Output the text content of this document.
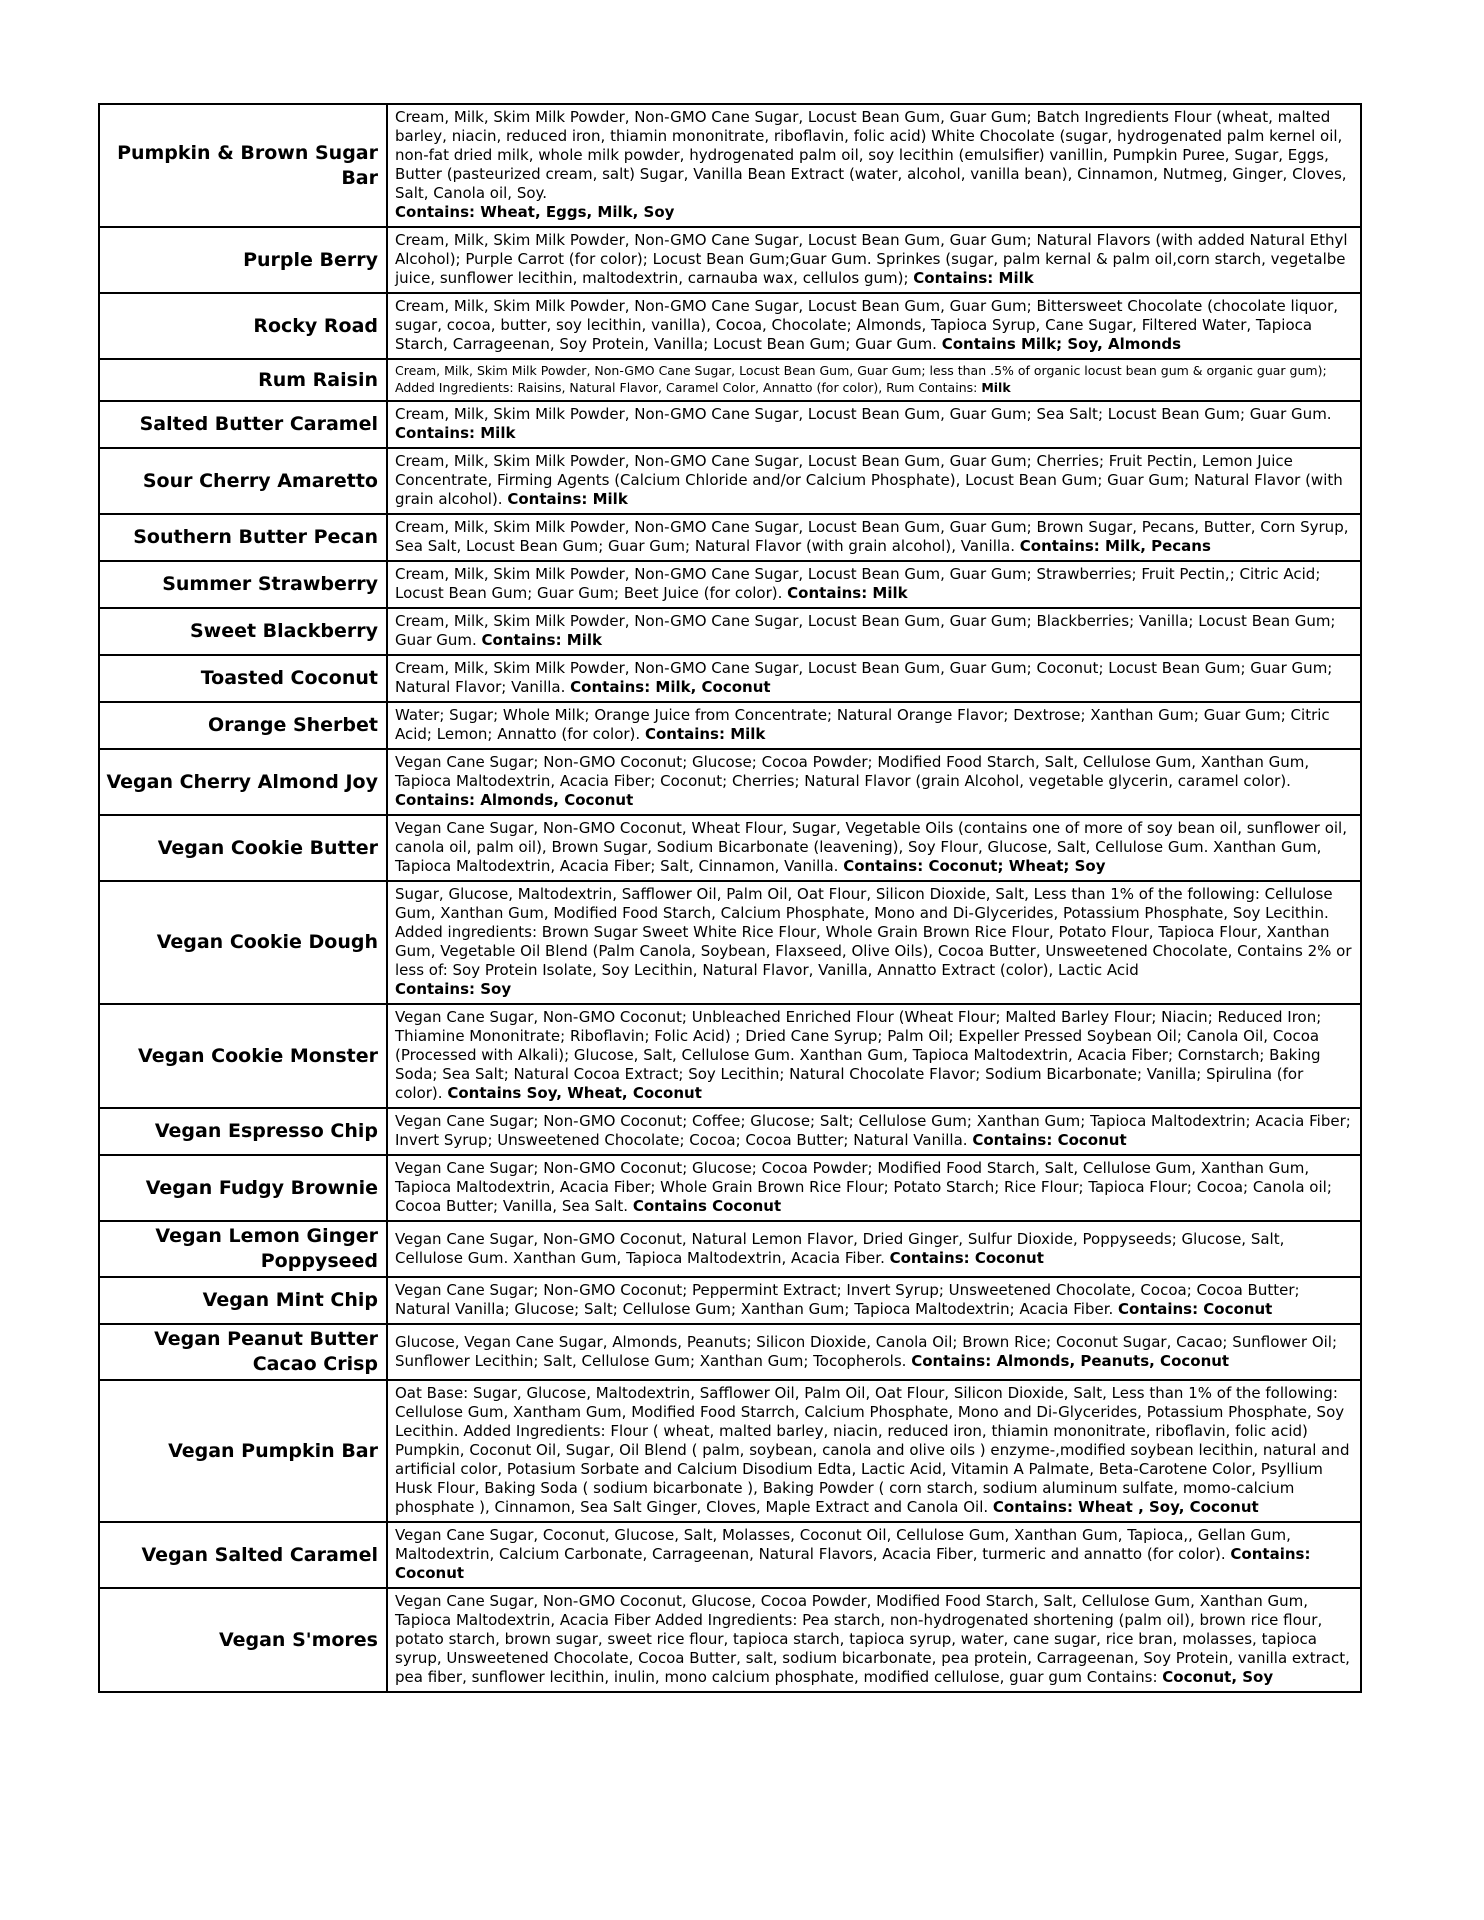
Pumpkin & Brown Sugar Bar	Cream, Milk, Skim Milk Powder, Non-GMO Cane Sugar, Locust Bean Gum, Guar Gum; Batch Ingredients Flour (wheat, malted barley, niacin, reduced iron, thiamin mononitrate, riboflavin, folic acid) White Chocolate (sugar, hydrogenated palm kernel oil, non-fat dried milk, whole milk powder, hydrogenated palm oil, soy lecithin (emulsifier) vanillin, Pumpkin Puree, Sugar, Eggs, Butter (pasteurized cream, salt) Sugar, Vanilla Bean Extract (water, alcohol, vanilla bean), Cinnamon, Nutmeg, Ginger, Cloves, Salt, Canola oil, Soy.
Contains: Wheat, Eggs, Milk, Soy

Purple Berry	Cream, Milk, Skim Milk Powder, Non-GMO Cane Sugar, Locust Bean Gum, Guar Gum; Natural Flavors (with added Natural Ethyl Alcohol); Purple Carrot (for color); Locust Bean Gum;Guar Gum. Sprinkes (sugar, palm kernal & palm oil,corn starch, vegetalbe juice, sunflower lecithin, maltodextrin, carnauba wax, cellulos gum); Contains: Milk
Rocky Road	Cream, Milk, Skim Milk Powder, Non-GMO Cane Sugar, Locust Bean Gum, Guar Gum; Bittersweet Chocolate (chocolate liquor, sugar, cocoa, butter, soy lecithin, vanilla), Cocoa, Chocolate; Almonds, Tapioca Syrup, Cane Sugar, Filtered Water, Tapioca Starch, Carrageenan, Soy Protein, Vanilla; Locust Bean Gum; Guar Gum. Contains Milk; Soy, Almonds
Rum Raisin	Cream, Milk, Skim Milk Powder, Non-GMO Cane Sugar, Locust Bean Gum, Guar Gum; less than .5% of organic locust bean gum & organic guar gum); Added Ingredients: Raisins, Natural Flavor, Caramel Color, Annatto (for color), Rum Contains: Milk
Salted Butter Caramel	Cream, Milk, Skim Milk Powder, Non-GMO Cane Sugar, Locust Bean Gum, Guar Gum; Sea Salt; Locust Bean Gum; Guar Gum. Contains: Milk
Sour Cherry Amaretto	Cream, Milk, Skim Milk Powder, Non-GMO Cane Sugar, Locust Bean Gum, Guar Gum; Cherries; Fruit Pectin, Lemon Juice Concentrate, Firming Agents (Calcium Chloride and/or Calcium Phosphate), Locust Bean Gum; Guar Gum; Natural Flavor (with grain alcohol). Contains: Milk
Southern Butter Pecan	Cream, Milk, Skim Milk Powder, Non-GMO Cane Sugar, Locust Bean Gum, Guar Gum; Brown Sugar, Pecans, Butter, Corn Syrup, Sea Salt, Locust Bean Gum; Guar Gum; Natural Flavor (with grain alcohol), Vanilla. Contains: Milk, Pecans
Summer Strawberry	Cream, Milk, Skim Milk Powder, Non-GMO Cane Sugar, Locust Bean Gum, Guar Gum; Strawberries; Fruit Pectin,; Citric Acid; Locust Bean Gum; Guar Gum; Beet Juice (for color). Contains: Milk
Sweet Blackberry	Cream, Milk, Skim Milk Powder, Non-GMO Cane Sugar, Locust Bean Gum, Guar Gum; Blackberries; Vanilla; Locust Bean Gum; Guar Gum. Contains: Milk
Toasted Coconut	Cream, Milk, Skim Milk Powder, Non-GMO Cane Sugar, Locust Bean Gum, Guar Gum; Coconut; Locust Bean Gum; Guar Gum; Natural Flavor; Vanilla. Contains: Milk, Coconut
Orange Sherbet	Water; Sugar; Whole Milk; Orange Juice from Concentrate; Natural Orange Flavor; Dextrose; Xanthan Gum; Guar Gum; Citric Acid; Lemon; Annatto (for color). Contains: Milk
Vegan Cherry Almond Joy	Vegan Cane Sugar; Non-GMO Coconut; Glucose; Cocoa Powder; Modified Food Starch, Salt, Cellulose Gum, Xanthan Gum, Tapioca Maltodextrin, Acacia Fiber; Coconut; Cherries; Natural Flavor (grain Alcohol, vegetable glycerin, caramel color). Contains: Almonds, Coconut
Vegan Cookie Butter	Vegan Cane Sugar, Non-GMO Coconut, Wheat Flour, Sugar, Vegetable Oils (contains one of more of soy bean oil, sunflower oil, canola oil, palm oil), Brown Sugar, Sodium Bicarbonate (leavening), Soy Flour, Glucose, Salt, Cellulose Gum. Xanthan Gum, Tapioca Maltodextrin, Acacia Fiber; Salt, Cinnamon, Vanilla. Contains: Coconut; Wheat; Soy
Vegan Cookie Dough	Sugar, Glucose, Maltodextrin, Safflower Oil, Palm Oil, Oat Flour, Silicon Dioxide, Salt, Less than 1% of the following: Cellulose Gum, Xanthan Gum, Modified Food Starch, Calcium Phosphate, Mono and Di-Glycerides, Potassium Phosphate, Soy Lecithin. Added ingredients: Brown Sugar Sweet White Rice Flour, Whole Grain Brown Rice Flour, Potato Flour, Tapioca Flour, Xanthan Gum, Vegetable Oil Blend (Palm Canola, Soybean, Flaxseed, Olive Oils), Cocoa Butter, Unsweetened Chocolate, Contains 2% or less of: Soy Protein Isolate, Soy Lecithin, Natural Flavor, Vanilla, Annatto Extract (color), Lactic Acid
Contains: Soy

Vegan Cookie Monster	Vegan Cane Sugar, Non-GMO Coconut; Unbleached Enriched Flour (Wheat Flour; Malted Barley Flour; Niacin; Reduced Iron; Thiamine Mononitrate; Riboflavin; Folic Acid) ; Dried Cane Syrup; Palm Oil; Expeller Pressed Soybean Oil; Canola Oil, Cocoa (Processed with Alkali); Glucose, Salt, Cellulose Gum. Xanthan Gum, Tapioca Maltodextrin, Acacia Fiber; Cornstarch; Baking Soda; Sea Salt; Natural Cocoa Extract; Soy Lecithin; Natural Chocolate Flavor; Sodium Bicarbonate; Vanilla; Spirulina (for color). Contains Soy, Wheat, Coconut
Vegan Espresso Chip	Vegan Cane Sugar; Non-GMO Coconut; Coffee; Glucose; Salt; Cellulose Gum; Xanthan Gum; Tapioca Maltodextrin; Acacia Fiber; Invert Syrup; Unsweetened Chocolate; Cocoa; Cocoa Butter; Natural Vanilla. Contains: Coconut
Vegan Fudgy Brownie	Vegan Cane Sugar; Non-GMO Coconut; Glucose; Cocoa Powder; Modified Food Starch, Salt, Cellulose Gum, Xanthan Gum, Tapioca Maltodextrin, Acacia Fiber; Whole Grain Brown Rice Flour; Potato Starch; Rice Flour; Tapioca Flour; Cocoa; Canola oil; Cocoa Butter; Vanilla, Sea Salt. Contains Coconut
Vegan Lemon Ginger Poppyseed	Vegan Cane Sugar, Non-GMO Coconut, Natural Lemon Flavor, Dried Ginger, Sulfur Dioxide, Poppyseeds; Glucose, Salt, Cellulose Gum. Xanthan Gum, Tapioca Maltodextrin, Acacia Fiber. Contains: Coconut
Vegan Mint Chip	Vegan Cane Sugar; Non-GMO Coconut; Peppermint Extract; Invert Syrup; Unsweetened Chocolate, Cocoa; Cocoa Butter; Natural Vanilla; Glucose; Salt; Cellulose Gum; Xanthan Gum; Tapioca Maltodextrin; Acacia Fiber. Contains: Coconut
Vegan Peanut Butter Cacao Crisp	Glucose, Vegan Cane Sugar, Almonds, Peanuts; Silicon Dioxide, Canola Oil; Brown Rice; Coconut Sugar, Cacao; Sunflower Oil; Sunflower Lecithin; Salt, Cellulose Gum; Xanthan Gum; Tocopherols. Contains: Almonds, Peanuts, Coconut
Vegan Pumpkin Bar	Oat Base: Sugar, Glucose, Maltodextrin, Safflower Oil, Palm Oil, Oat Flour, Silicon Dioxide, Salt, Less than 1% of the following: Cellulose Gum, Xantham Gum, Modified Food Starrch, Calcium Phosphate, Mono and Di-Glycerides, Potassium Phosphate, Soy Lecithin. Added Ingredients: Flour ( wheat, malted barley, niacin, reduced iron, thiamin mononitrate, riboflavin, folic acid) Pumpkin, Coconut Oil, Sugar, Oil Blend ( palm, soybean, canola and olive oils ) enzyme-,modified soybean lecithin, natural and artificial color, Potasium Sorbate and Calcium Disodium Edta, Lactic Acid, Vitamin A Palmate, Beta-Carotene Color, Psyllium Husk Flour, Baking Soda ( sodium bicarbonate ), Baking Powder ( corn starch, sodium aluminum sulfate, momo-calcium phosphate ), Cinnamon, Sea Salt Ginger, Cloves, Maple Extract and Canola Oil. Contains: Wheat , Soy, Coconut
Vegan Salted Caramel	Vegan Cane Sugar, Coconut, Glucose, Salt, Molasses, Coconut Oil, Cellulose Gum, Xanthan Gum, Tapioca,, Gellan Gum, Maltodextrin, Calcium Carbonate, Carrageenan, Natural Flavors, Acacia Fiber, turmeric and annatto (for color). Contains: Coconut
Vegan S'mores	Vegan Cane Sugar, Non-GMO Coconut, Glucose, Cocoa Powder, Modified Food Starch, Salt, Cellulose Gum, Xanthan Gum, Tapioca Maltodextrin, Acacia Fiber Added Ingredients: Pea starch, non-hydrogenated shortening (palm oil), brown rice flour, potato starch, brown sugar, sweet rice flour, tapioca starch, tapioca syrup, water, cane sugar, rice bran, molasses, tapioca syrup, Unsweetened Chocolate, Cocoa Butter, salt, sodium bicarbonate, pea protein, Carrageenan, Soy Protein, vanilla extract, pea fiber, sunflower lecithin, inulin, mono calcium phosphate, modified cellulose, guar gum Contains: Coconut, Soy
